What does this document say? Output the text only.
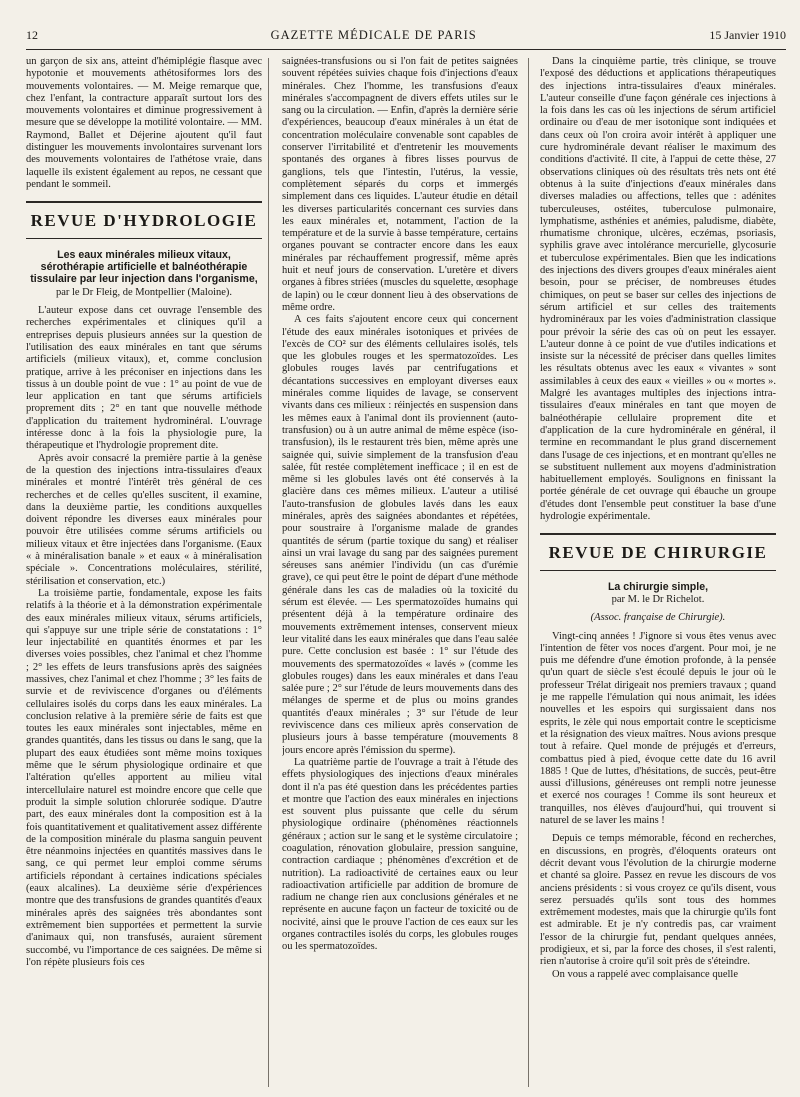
12	GAZETTE MÉDICALE DE PARIS	15 Janvier 1910

un garçon de six ans, atteint d'hémiplégie flasque avec hypotonie et mouvements athétosiformes lors des mouvements volontaires. — M. Meige remarque que, chez l'enfant, la contracture apparaît surtout lors des mouvements volontaires et diminue progressivement à mesure que se développe la motilité volontaire. — MM. Raymond, Ballet et Déjerine ajoutent qu'il faut distinguer les mouvements involontaires survenant lors des mouvements volontaires de l'athétose vraie, dans laquelle ils existent également au repos, ne cessant que pendant le sommeil.

REVUE D'HYDROLOGIE
Les eaux minérales milieux vitaux, sérothérapie artificielle et balnéothérapie tissulaire par leur injection dans l'organisme,
par le Dr Fleig, de Montpellier (Maloine).

L'auteur expose dans cet ouvrage l'ensemble des recherches expérimentales et cliniques qu'il a entreprises depuis plusieurs années sur la question de l'utilisation des eaux minérales en tant que sérums artificiels (milieux vitaux), et, comme conclusion pratique, arrive à les préconiser en injections dans les tissus à un double point de vue : 1° au point de vue de leur application en tant que sérums artificiels proprement dits ; 2° en tant que nouvelle méthode d'application du traitement hydrominéral. L'ouvrage intéresse donc à la fois la physiologie pure, la thérapeutique et l'hydrologie proprement dite.

Après avoir consacré la première partie à la genèse de la question des injections intra-tissulaires d'eaux minérales et montré l'intérêt très général de ces recherches et de celles qu'elles suscitent, il examine, dans la deuxième partie, les conditions auxquelles doivent répondre les diverses eaux minérales pour pouvoir être utilisées comme sérums artificiels ou milieux vitaux et être injectées dans l'organisme. (Eaux « à minéralisation banale » et eaux « à minéralisation spéciale ». Concentrations moléculaires, stérilité, stérilisation et conservation, etc.)

La troisième partie, fondamentale, expose les faits relatifs à la théorie et à la démonstration expérimentale des eaux minérales milieux vitaux, sérums artificiels, qui s'appuye sur une triple série de constatations : 1° leur injectabilité en quantités énormes et par les diverses voies possibles, chez l'animal et chez l'homme ; 2° les effets de leurs transfusions après des saignées massives, chez l'animal et chez l'homme ; 3° les faits de survie et de reviviscence d'organes ou d'éléments cellulaires isolés du corps dans les eaux minérales. La conclusion relative à la première série de faits est que toutes les eaux minérales sont injectables, même en grandes quantités, dans les tissus ou dans le sang, que la plupart des eaux étudiées sont même moins toxiques même que le sérum physiologique ordinaire et que l'altération qu'elles apportent au milieu vital intercellulaire naturel est moindre encore que celle que produit la simple solution chlorurée sodique. D'autre part, des eaux minérales dont la composition est à la fois quantitativement et qualitativement assez différente de la composition minérale du plasma sanguin peuvent être néanmoins injectées en quantités massives dans le sang, ce qui permet leur emploi comme sérums artificiels répondant à certaines indications spéciales (eaux alcalines). La deuxième série d'expériences montre que des transfusions de grandes quantités d'eaux minérales après des saignées très abondantes sont extrêmement bien supportées et permettent la survie d'animaux qui, non transfusés, auraient sûrement succombé, vu l'importance de ces saignées. De même si l'on répète plusieurs fois ces

saignées-transfusions ou si l'on fait de petites saignées souvent répétées suivies chaque fois d'injections d'eaux minérales. Chez l'homme, les transfusions d'eaux minérales s'accompagnent de divers effets utiles sur le sang ou la circulation. — Enfin, d'après la dernière série d'expériences, beaucoup d'eaux minérales à un état de concentration moléculaire convenable sont capables de conserver l'irritabilité et d'entretenir les mouvements spontanés des organes à fibres lisses pourvus de ganglions, tels que l'intestin, l'utérus, la vessie, complètement séparés du corps et immergés simplement dans ces liquides. L'auteur étudie en détail les diverses particularités concernant ces survies dans les eaux minérales et, notamment, l'action de la température et de la survie à basse température, certains organes pouvant se contracter encore dans les eaux minérales par réchauffement progressif, même après huit et neuf jours de conservation. L'uretère et divers organes à fibres striées (muscles du squelette, œsophage de lapin) ou le cœur donnent lieu à des observations de même ordre.

A ces faits s'ajoutent encore ceux qui concernent l'étude des eaux minérales isotoniques et privées de l'excès de CO² sur des éléments cellulaires isolés, tels que les globules rouges et les spermatozoïdes. Les globules rouges lavés par centrifugations et décantations successives en employant diverses eaux minérales comme liquides de lavage, se conservent vivants dans ces milieux : réinjectés en suspension dans les mêmes eaux à l'animal dont ils proviennent (auto-transfusion) ou à un autre animal de même espèce (iso-transfusion), ils le restaurent très bien, même après une saignée qui, suivie simplement de la transfusion d'eau salée, fût restée complètement inefficace ; il en est de même si les globules lavés ont été conservés à la glacière dans ces mêmes milieux. L'auteur a utilisé l'auto-transfusion de globules lavés dans les eaux minérales, après des saignées abondantes et répétées, pour soustraire à l'organisme malade de grandes quantités de sérum (partie toxique du sang) et réaliser ainsi un vrai lavage du sang par des saignées purement séreuses sans anémier l'individu (un cas d'urémie grave), ce qui peut être le point de départ d'une méthode générale dans les cas de maladies où la toxicité du sérum est élevée. — Les spermatozoïdes humains qui présentent déjà à la température ordinaire des mouvements extrêmement intenses, conservent mieux leur vitalité dans les eaux minérales que dans l'eau salée pure. Cette conclusion est basée : 1° sur l'étude des mouvements des spermatozoïdes « lavés » (comme les globules rouges) dans les eaux minérales et dans l'eau salée pure ; 2° sur l'étude de leurs mouvements dans des mélanges de sperme et de plus ou moins grandes quantités d'eaux minérales ; 3° sur l'étude de leur reviviscence dans ces milieux après conservation de plusieurs jours à basse température (mouvements 8 jours encore après l'émission du sperme).

La quatrième partie de l'ouvrage a trait à l'étude des effets physiologiques des injections d'eaux minérales dont il n'a pas été question dans les précédentes parties et montre que l'action des eaux minérales en injections est souvent plus puissante que celle du sérum physiologique ordinaire (phénomènes réactionnels généraux ; action sur le sang et le système circulatoire ; coagulation, rénovation globulaire, pression sanguine, contraction cardiaque ; phénomènes d'excrétion et de nutrition). La radioactivité de certaines eaux ou leur radioactivation artificielle par addition de bromure de radium ne change rien aux conclusions générales et ne représente en aucune façon un facteur de toxicité ou de nocivité, ainsi que le prouve l'action de ces eaux sur les organes contractiles isolés du corps, les globules rouges ou les spermatozoïdes.

Dans la cinquième partie, très clinique, se trouve l'exposé des déductions et applications thérapeutiques des injections intra-tissulaires d'eaux minérales. L'auteur conseille d'une façon générale ces injections à la fois dans les cas où les injections de sérum artificiel ordinaire ou d'eau de mer isotonique sont indiquées et dans ceux où l'on croira avoir intérêt à appliquer une cure hydrominérale devant réaliser le maximum des conditions d'activité. Il cite, à l'appui de cette thèse, 27 observations cliniques où des résultats très nets ont été obtenus à la suite d'injections d'eaux minérales dans diverses maladies ou affections, telles que : adénites tuberculeuses, ostéites, tuberculose pulmonaire, lymphatisme, asthénies et anémies, paludisme, diabète, rhumatisme chronique, ulcères, eczémas, psoriasis, syphilis grave avec intolérance mercurielle, glycosurie et tuberculose expérimentales. Bien que les indications des injections des divers groupes d'eaux minérales aient besoin, pour se préciser, de nombreuses études chimiques, on peut se baser sur celles des injections de sérum artificiel et sur celles des traitements hydrominéraux par les voies d'administration classique pour prévoir la série des cas où on peut les essayer. L'auteur donne à ce point de vue d'utiles indications et insiste sur la nécessité de préciser dans quelles limites les résultats obtenus avec les eaux « vivantes » sont assimilables à ceux des eaux « vieilles » ou « mortes ». Malgré les avantages multiples des injections intra-tissulaires d'eaux minérales en tant que moyen de balnéothérapie cellulaire proprement dite et d'application de la cure hydrominérale en général, il termine en recommandant le plus grand discernement dans l'usage de ces injections, et en montrant qu'elles ne se substituent nullement aux moyens d'administration habituellement employés. Soulignons en finissant la portée générale de cet ouvrage qui ébauche un groupe d'études dont l'ensemble peut constituer la base d'une hydrologie expérimentale.

REVUE DE CHIRURGIE
La chirurgie simple,
par M. le Dr Richelot.
(Assoc. française de Chirurgie).

Vingt-cinq années ! J'ignore si vous êtes venus avec l'intention de fêter vos noces d'argent. Pour moi, je ne puis me défendre d'une émotion profonde, à la pensée qu'un quart de siècle s'est écoulé depuis le jour où le professeur Trélat dirigeait nos premiers travaux ; quand je me rappelle l'émulation qui nous animait, les idées nouvelles et les espoirs qui surgissaient dans nos esprits, le zèle qui nous emportait contre le scepticisme et la résignation des vieux maîtres. Nous avions presque tout à refaire. Quel monde de préjugés et d'erreurs, combattus pied à pied, évoque cette date du 16 avril 1885 ! Que de luttes, d'hésitations, de succès, peut-être aussi d'illusions, généreuses ont rempli notre jeunesse et exercé nos courages ! Comme ils sont heureux et tranquilles, nos élèves d'aujourd'hui, qui trouvent si naturel de se laver les mains !

Depuis ce temps mémorable, fécond en recherches, en discussions, en progrès, d'éloquents orateurs ont décrit devant vous l'évolution de la chirurgie moderne et chanté sa gloire. Passez en revue les discours de vos anciens présidents : si vous croyez ce qu'ils disent, vous serez persuadés qu'ils sont tous des hommes extrêmement modestes, mais que la chirurgie qu'ils font est admirable. Et je n'y contredis pas, car vraiment l'essor de la chirurgie fut, pendant quelques années, prodigieux, et si, par la force des choses, il s'est ralenti, rien n'autorise à croire qu'il soit près de s'éteindre.

On vous a rappelé avec complaisance quelle
